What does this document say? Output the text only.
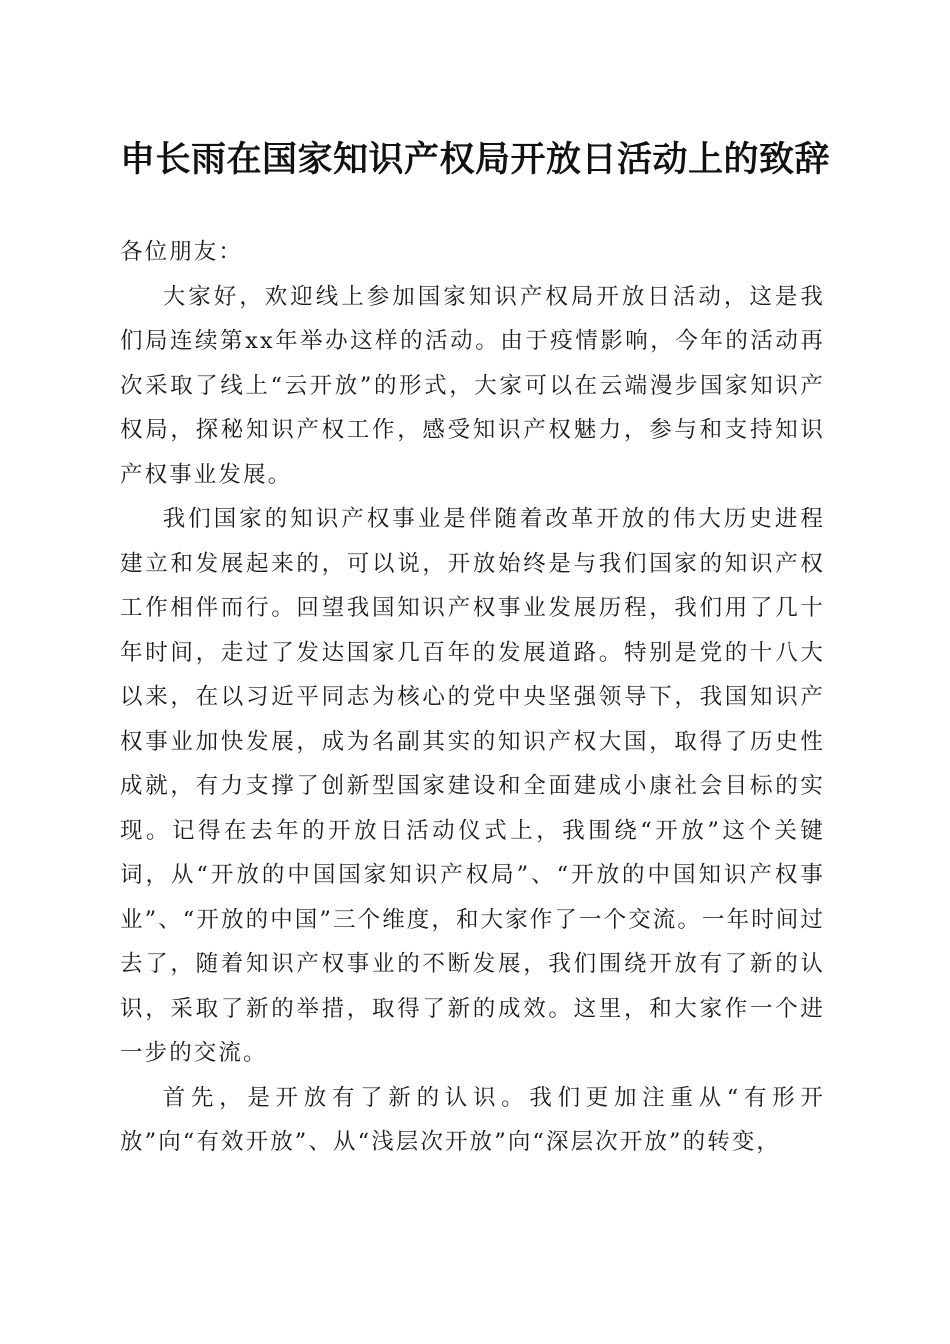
申长雨在国家知识产权局开放日活动上的致辞

各位朋友：

大家好，欢迎线上参加国家知识产权局开放日活动，这是我们局连续第xx年举办这样的活动。由于疫情影响，今年的活动再次采取了线上“云开放”的形式，大家可以在云端漫步国家知识产权局，探秘知识产权工作，感受知识产权魅力，参与和支持知识产权事业发展。

我们国家的知识产权事业是伴随着改革开放的伟大历史进程建立和发展起来的，可以说，开放始终是与我们国家的知识产权工作相伴而行。回望我国知识产权事业发展历程，我们用了几十年时间，走过了发达国家几百年的发展道路。特别是党的十八大以来，在以习近平同志为核心的党中央坚强领导下，我国知识产权事业加快发展，成为名副其实的知识产权大国，取得了历史性成就，有力支撑了创新型国家建设和全面建成小康社会目标的实现。记得在去年的开放日活动仪式上，我围绕“开放”这个关键词，从“开放的中国国家知识产权局”、“开放的中国知识产权事业”、“开放的中国”三个维度，和大家作了一个交流。一年时间过去了，随着知识产权事业的不断发展，我们围绕开放有了新的认识，采取了新的举措，取得了新的成效。这里，和大家作一个进一步的交流。

首先，是开放有了新的认识。我们更加注重从“有形开放”向“有效开放”、从“浅层次开放”向“深层次开放”的转变，
